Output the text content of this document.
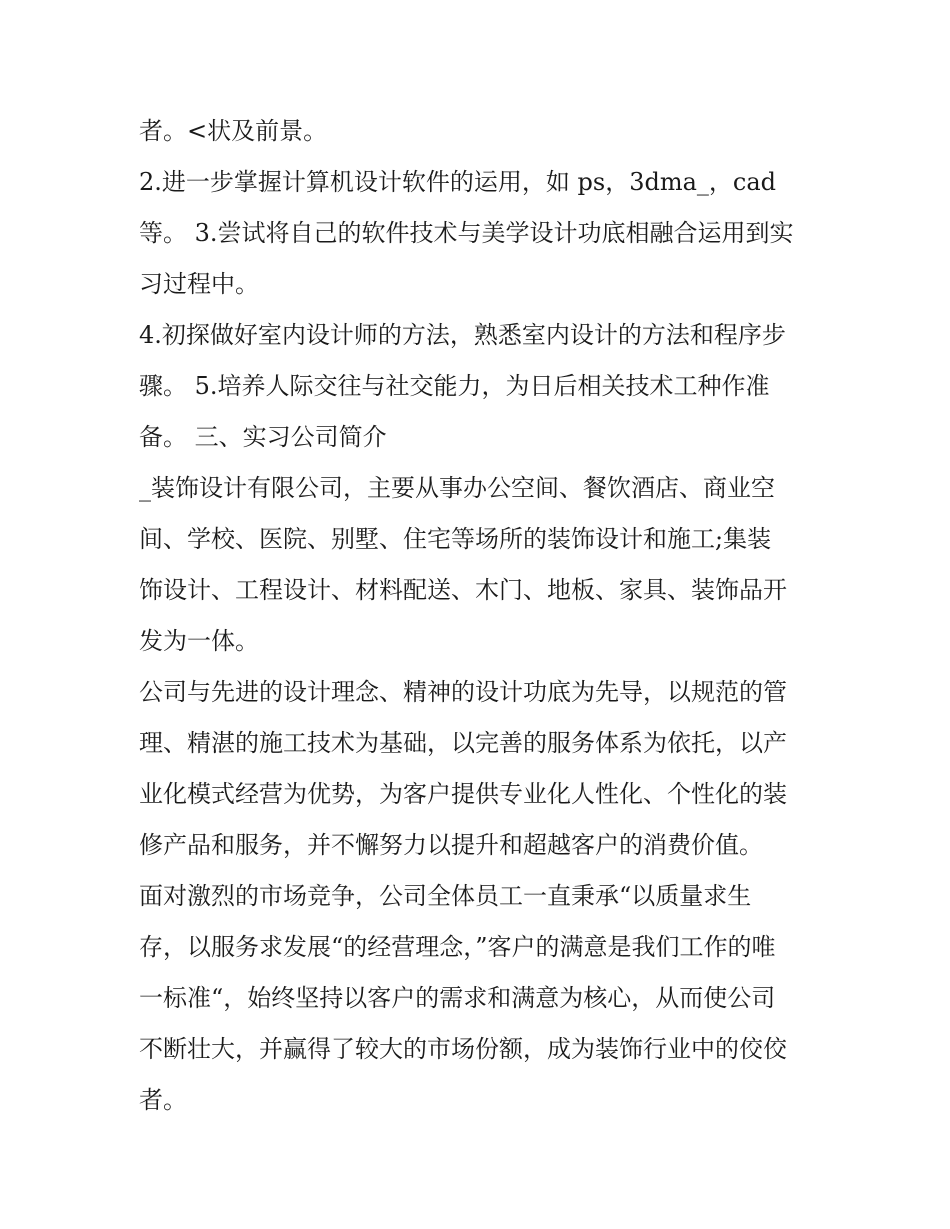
者。<状及前景。
2.进一步掌握计算机设计软件的运用，如 ps，3dma_，cad
等。 3.尝试将自己的软件技术与美学设计功底相融合运用到实
习过程中。
4.初探做好室内设计师的方法，熟悉室内设计的方法和程序步
骤。 5.培养人际交往与社交能力，为日后相关技术工种作准
备。 三、实习公司简介
_装饰设计有限公司，主要从事办公空间、餐饮酒店、商业空
间、学校、医院、别墅、住宅等场所的装饰设计和施工;集装
饰设计、工程设计、材料配送、木门、地板、家具、装饰品开
发为一体。
公司与先进的设计理念、精神的设计功底为先导，以规范的管
理、精湛的施工技术为基础，以完善的服务体系为依托，以产
业化模式经营为优势，为客户提供专业化人性化、个性化的装
修产品和服务，并不懈努力以提升和超越客户的消费价值。
面对激烈的市场竞争，公司全体员工一直秉承“以质量求生
存，以服务求发展“的经营理念，”客户的满意是我们工作的唯
一标准“，始终坚持以客户的需求和满意为核心，从而使公司
不断壮大，并赢得了较大的市场份额，成为装饰行业中的佼佼
者。
